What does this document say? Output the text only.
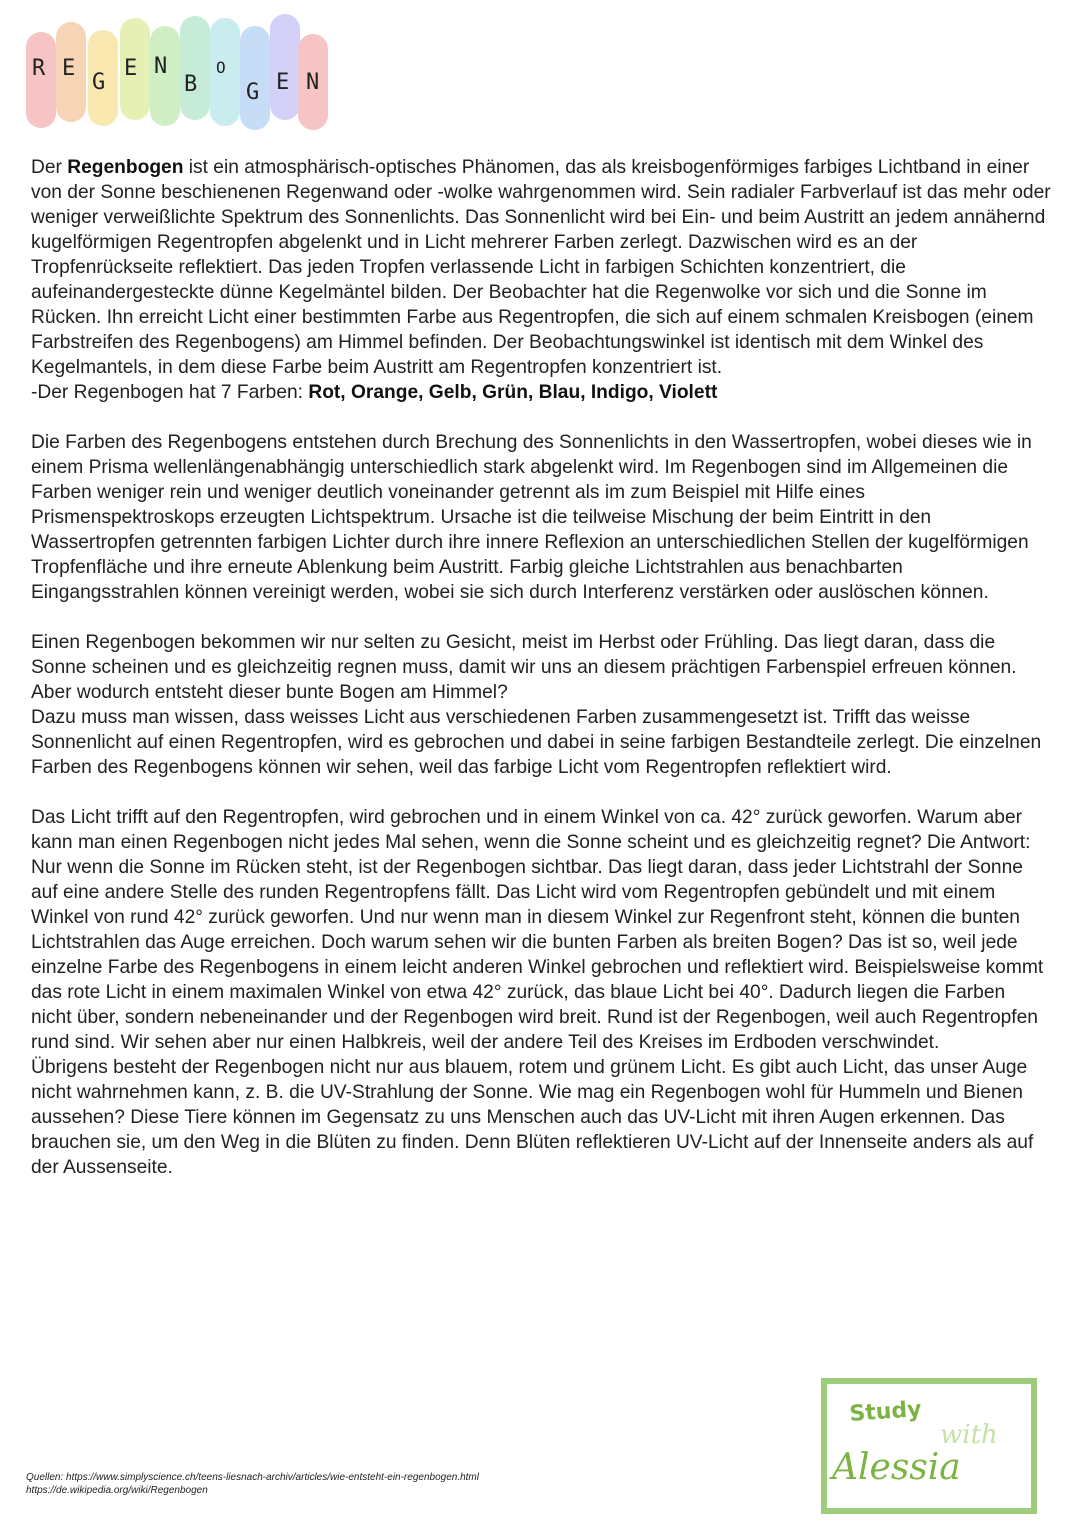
R E
G
E N
B
O
G E N

Der Regenbogen ist ein atmosphärisch-optisches Phänomen, das als kreisbogenförmiges farbiges Lichtband in einer von der Sonne beschienenen Regenwand oder -wolke wahrgenommen wird. Sein radialer Farbverlauf ist das mehr oder weniger verweißlichte Spektrum des Sonnenlichts. Das Sonnenlicht wird bei Ein- und beim Austritt an jedem annähernd kugelförmigen Regentropfen abgelenkt und in Licht mehrerer Farben zerlegt. Dazwischen wird es an der Tropfenrückseite reflektiert. Das jeden Tropfen verlassende Licht in farbigen Schichten konzentriert, die aufeinandergesteckte dünne Kegelmäntel bilden. Der Beobachter hat die Regenwolke vor sich und die Sonne im Rücken. Ihn erreicht Licht einer bestimmten Farbe aus Regentropfen, die sich auf einem schmalen Kreisbogen (einem Farbstreifen des Regenbogens) am Himmel befinden. Der Beobachtungswinkel ist identisch mit dem Winkel des Kegelmantels, in dem diese Farbe beim Austritt am Regentropfen konzentriert ist.

-Der Regenbogen hat 7 Farben: Rot, Orange, Gelb, Grün, Blau, Indigo, Violett

Die Farben des Regenbogens entstehen durch Brechung des Sonnenlichts in den Wassertropfen, wobei dieses wie in einem Prisma wellenlängenabhängig unterschiedlich stark abgelenkt wird. Im Regenbogen sind im Allgemeinen die Farben weniger rein und weniger deutlich voneinander getrennt als im zum Beispiel mit Hilfe eines Prismenspektroskops erzeugten Lichtspektrum. Ursache ist die teilweise Mischung der beim Eintritt in den Wassertropfen getrennten farbigen Lichter durch ihre innere Reflexion an unterschiedlichen Stellen der kugelförmigen Tropfenfläche und ihre erneute Ablenkung beim Austritt. Farbig gleiche Lichtstrahlen aus benachbarten Eingangsstrahlen können vereinigt werden, wobei sie sich durch Interferenz verstärken oder auslöschen können.

Einen Regenbogen bekommen wir nur selten zu Gesicht, meist im Herbst oder Frühling. Das liegt daran, dass die Sonne scheinen und es gleichzeitig regnen muss, damit wir uns an diesem prächtigen Farbenspiel erfreuen können. Aber wodurch entsteht dieser bunte Bogen am Himmel?

Dazu muss man wissen, dass weisses Licht aus verschiedenen Farben zusammengesetzt ist. Trifft das weisse Sonnenlicht auf einen Regentropfen, wird es gebrochen und dabei in seine farbigen Bestandteile zerlegt. Die einzelnen Farben des Regenbogens können wir sehen, weil das farbige Licht vom Regentropfen reflektiert wird.

Das Licht trifft auf den Regentropfen, wird gebrochen und in einem Winkel von ca. 42° zurück geworfen. Warum aber kann man einen Regenbogen nicht jedes Mal sehen, wenn die Sonne scheint und es gleichzeitig regnet? Die Antwort: Nur wenn die Sonne im Rücken steht, ist der Regenbogen sichtbar. Das liegt daran, dass jeder Lichtstrahl der Sonne auf eine andere Stelle des runden Regentropfens fällt. Das Licht wird vom Regentropfen gebündelt und mit einem Winkel von rund 42° zurück geworfen. Und nur wenn man in diesem Winkel zur Regenfront steht, können die bunten Lichtstrahlen das Auge erreichen. Doch warum sehen wir die bunten Farben als breiten Bogen? Das ist so, weil jede einzelne Farbe des Regenbogens in einem leicht anderen Winkel gebrochen und reflektiert wird. Beispielsweise kommt das rote Licht in einem maximalen Winkel von etwa 42° zurück, das blaue Licht bei 40°. Dadurch liegen die Farben nicht über, sondern nebeneinander und der Regenbogen wird breit. Rund ist der Regenbogen, weil auch Regentropfen rund sind. Wir sehen aber nur einen Halbkreis, weil der andere Teil des Kreises im Erdboden verschwindet.

Übrigens besteht der Regenbogen nicht nur aus blauem, rotem und grünem Licht. Es gibt auch Licht, das unser Auge nicht wahrnehmen kann, z. B. die UV-Strahlung der Sonne. Wie mag ein Regenbogen wohl für Hummeln und Bienen aussehen? Diese Tiere können im Gegensatz zu uns Menschen auch das UV-Licht mit ihren Augen erkennen. Das brauchen sie, um den Weg in die Blüten zu finden. Denn Blüten reflektieren UV-Licht auf der Innenseite anders als auf der Aussenseite.

Quellen: https://www.simplyscience.ch/teens-liesnach-archiv/articles/wie-entsteht-ein-regenbogen.html
https://de.wikipedia.org/wiki/Regenbogen
Study
with
Alessia
